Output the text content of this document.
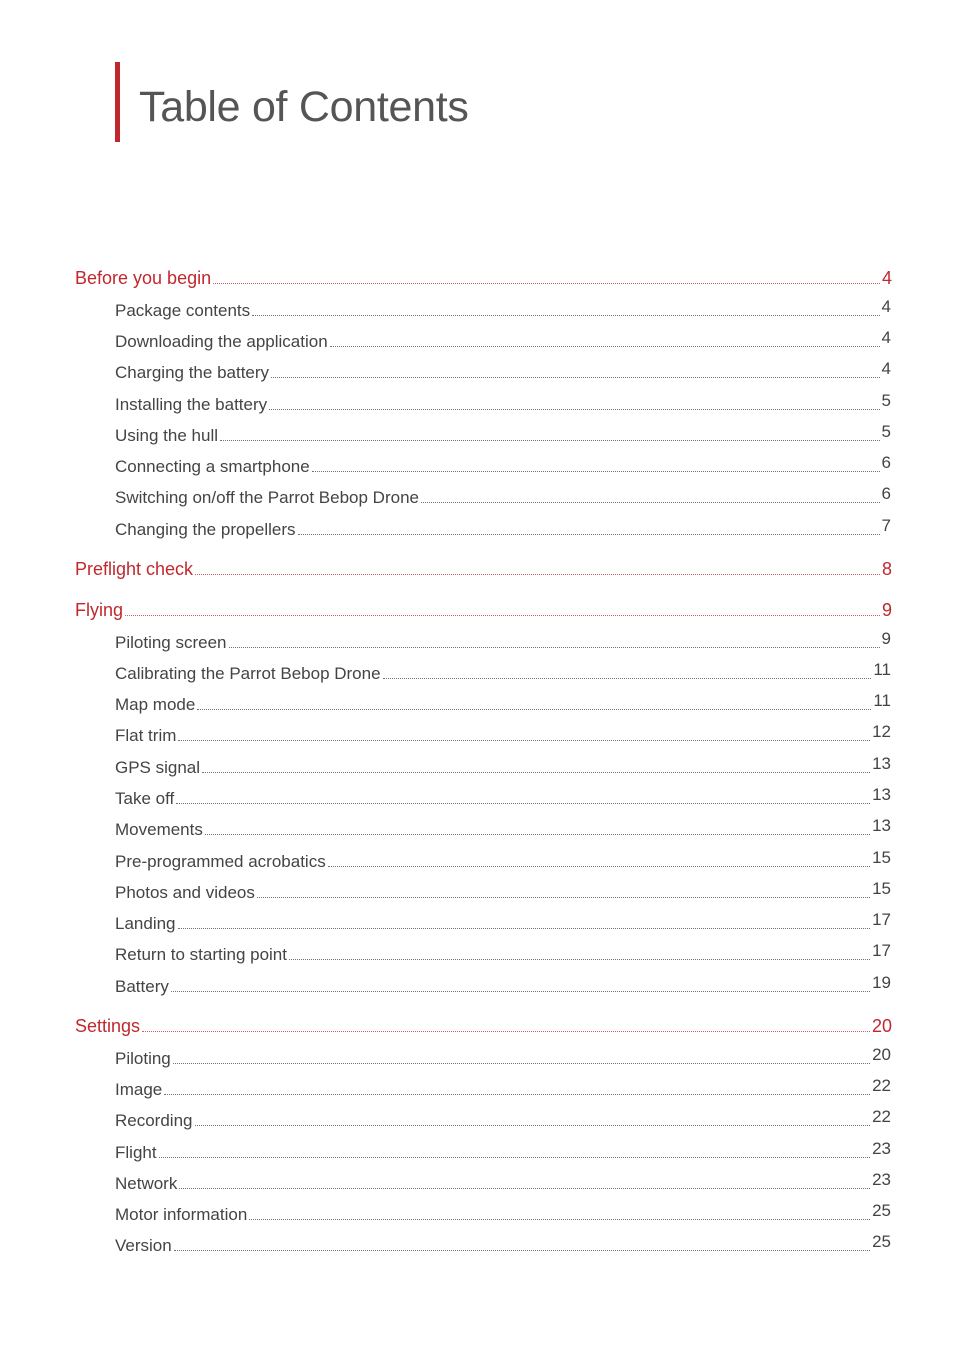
Table of Contents
Before you begin	4
Package contents	4
Downloading the application	4
Charging the battery	4
Installing the battery	5
Using the hull	5
Connecting a smartphone	6
Switching on/off the Parrot Bebop Drone	6
Changing the propellers	7
Preflight check	8
Flying	9
Piloting screen	9
Calibrating the Parrot Bebop Drone	11
Map mode	11
Flat trim	12
GPS signal	13
Take off	13
Movements	13
Pre-programmed acrobatics	15
Photos and videos	15
Landing	17
Return to starting point	17
Battery	19
Settings	20
Piloting	20
Image	22
Recording	22
Flight	23
Network	23
Motor information	25
Version	25
